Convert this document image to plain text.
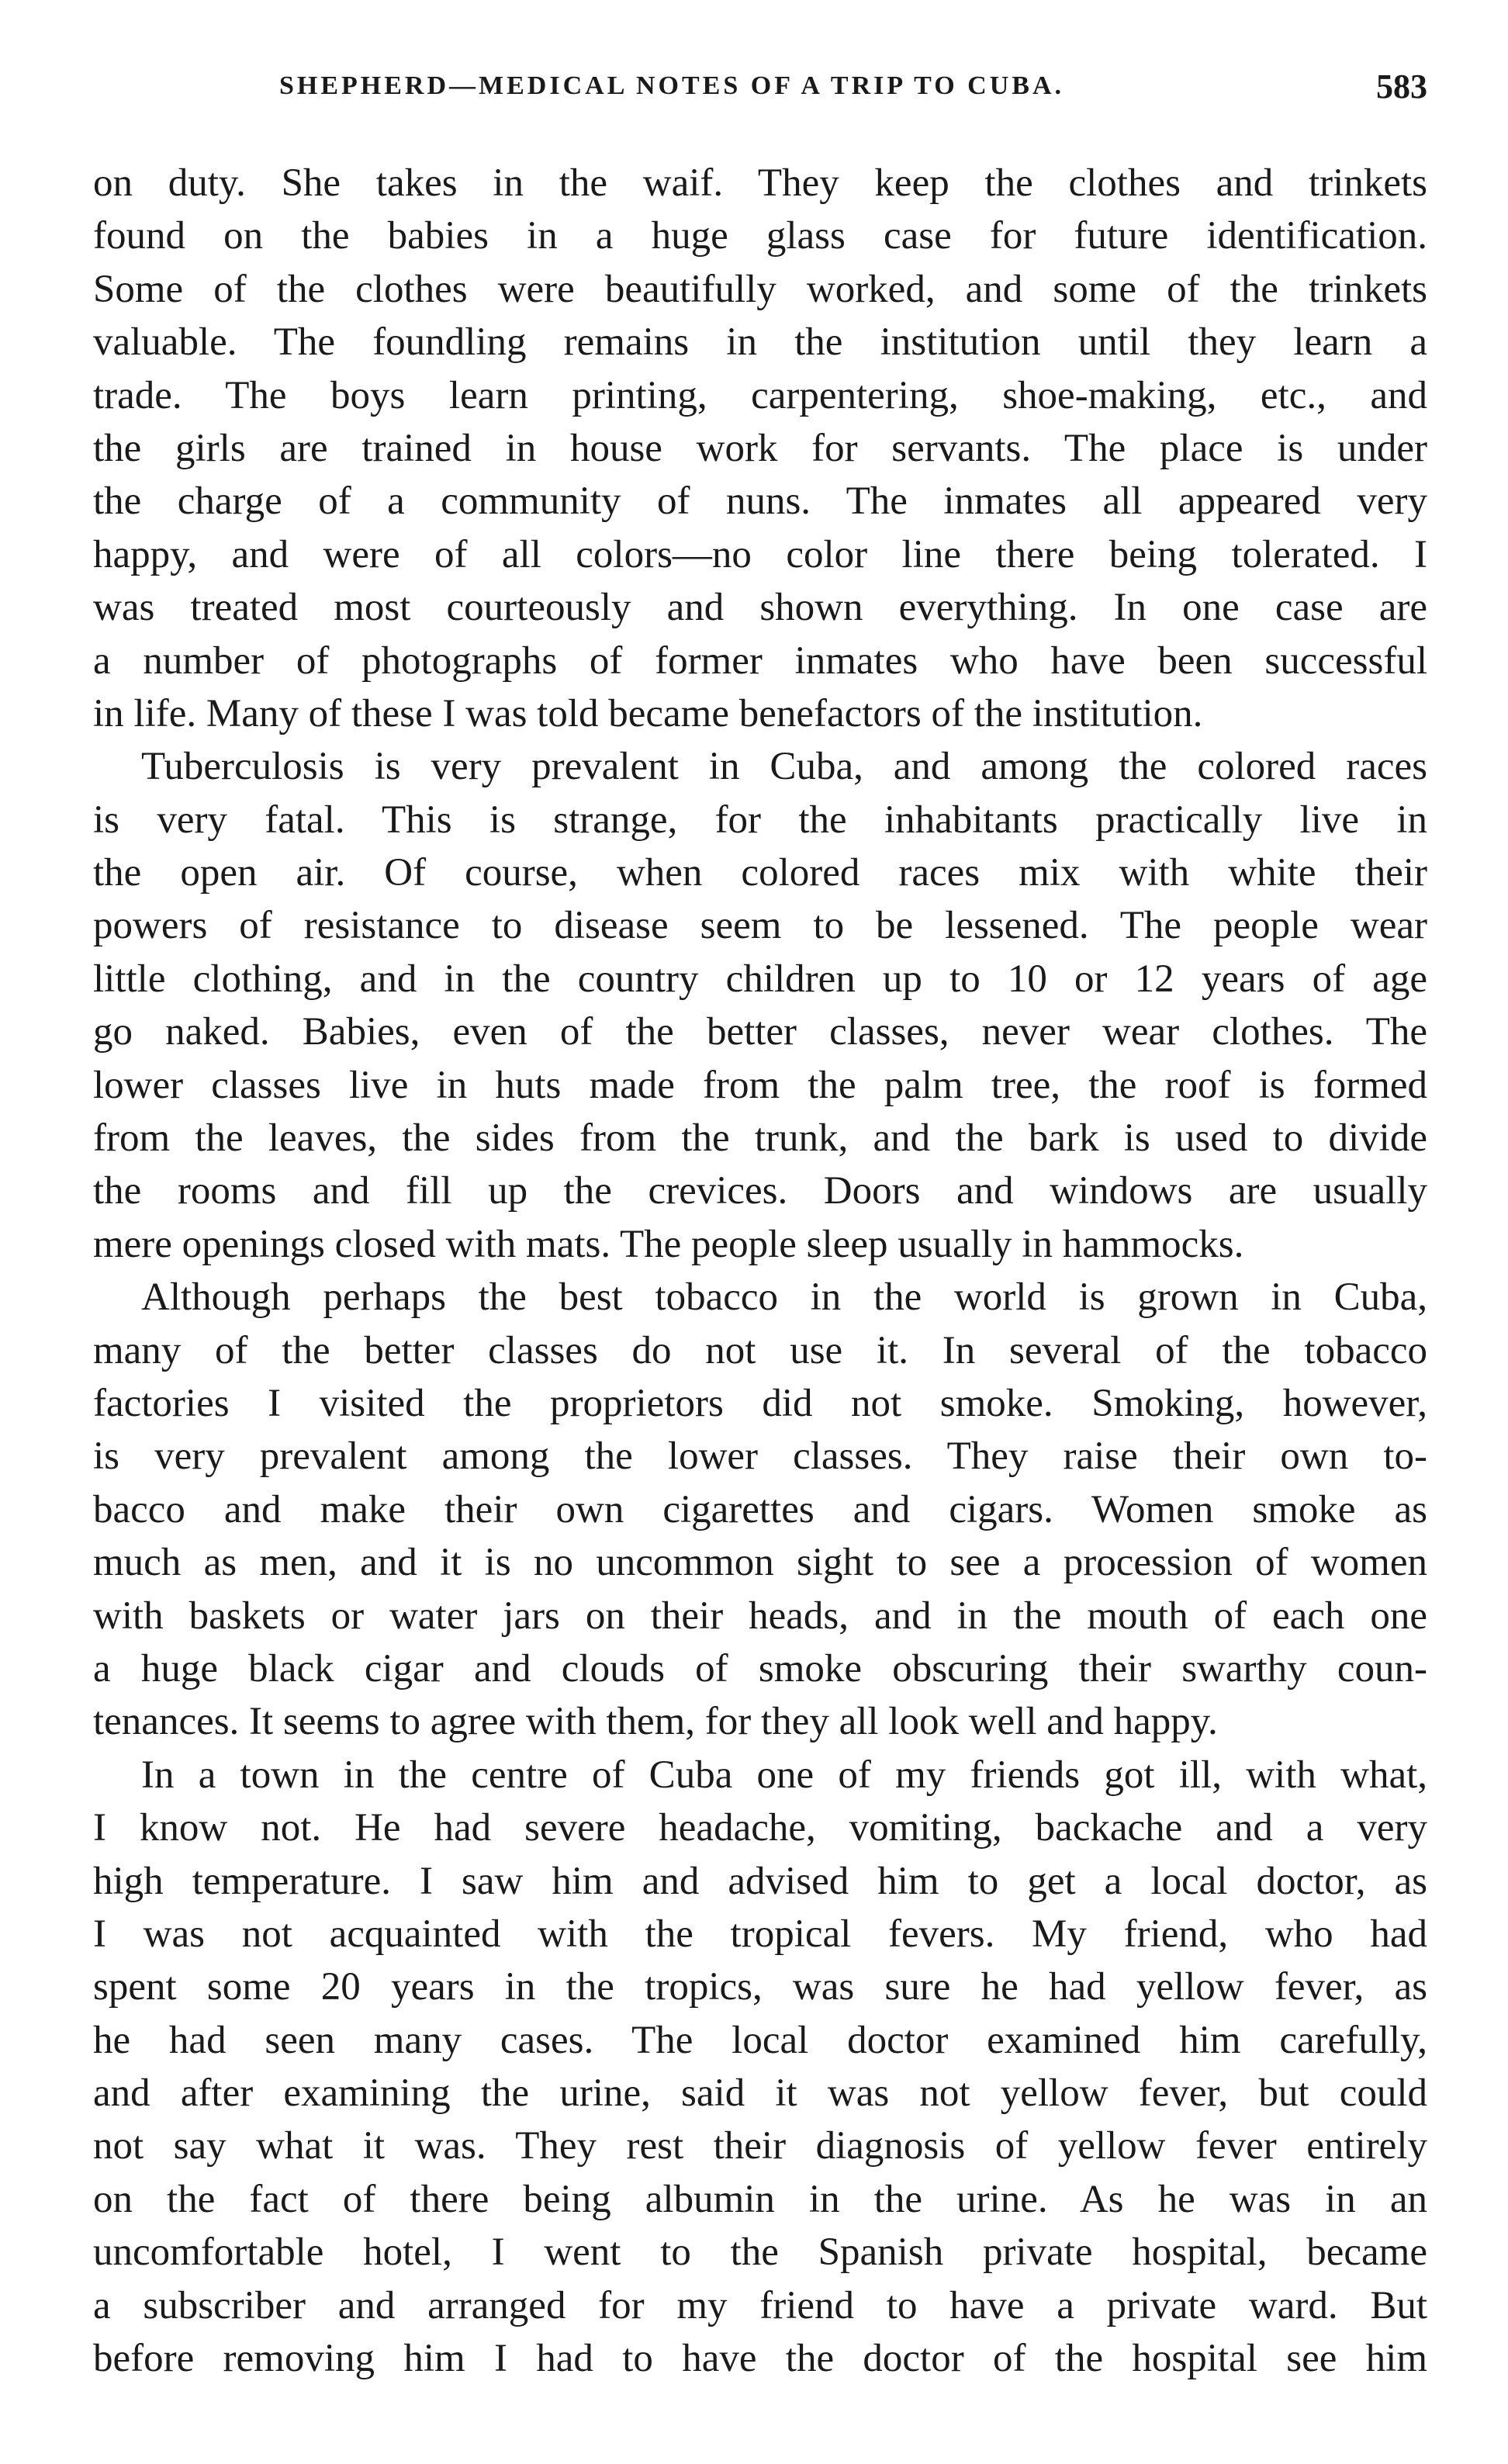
SHEPHERD—MEDICAL NOTES OF A TRIP TO CUBA.	583
on duty. She takes in the waif. They keep the clothes and trinkets
found on the babies in a huge glass case for future identification.
Some of the clothes were beautifully worked, and some of the trinkets
valuable. The foundling remains in the institution until they learn a
trade. The boys learn printing, carpentering, shoe-making, etc., and
the girls are trained in house work for servants. The place is under
the charge of a community of nuns. The inmates all appeared very
happy, and were of all colors—no color line there being tolerated. I
was treated most courteously and shown everything. In one case are
a number of photographs of former inmates who have been successful
in life. Many of these I was told became benefactors of the institution.
Tuberculosis is very prevalent in Cuba, and among the colored races
is very fatal. This is strange, for the inhabitants practically live in
the open air. Of course, when colored races mix with white their
powers of resistance to disease seem to be lessened. The people wear
little clothing, and in the country children up to 10 or 12 years of age
go naked. Babies, even of the better classes, never wear clothes. The
lower classes live in huts made from the palm tree, the roof is formed
from the leaves, the sides from the trunk, and the bark is used to divide
the rooms and fill up the crevices. Doors and windows are usually
mere openings closed with mats. The people sleep usually in hammocks.
Although perhaps the best tobacco in the world is grown in Cuba,
many of the better classes do not use it. In several of the tobacco
factories I visited the proprietors did not smoke. Smoking, however,
is very prevalent among the lower classes. They raise their own to-
bacco and make their own cigarettes and cigars. Women smoke as
much as men, and it is no uncommon sight to see a procession of women
with baskets or water jars on their heads, and in the mouth of each one
a huge black cigar and clouds of smoke obscuring their swarthy coun-
tenances. It seems to agree with them, for they all look well and happy.
In a town in the centre of Cuba one of my friends got ill, with what,
I know not. He had severe headache, vomiting, backache and a very
high temperature. I saw him and advised him to get a local doctor, as
I was not acquainted with the tropical fevers. My friend, who had
spent some 20 years in the tropics, was sure he had yellow fever, as
he had seen many cases. The local doctor examined him carefully,
and after examining the urine, said it was not yellow fever, but could
not say what it was. They rest their diagnosis of yellow fever entirely
on the fact of there being albumin in the urine. As he was in an
uncomfortable hotel, I went to the Spanish private hospital, became
a subscriber and arranged for my friend to have a private ward. But
before removing him I had to have the doctor of the hospital see him
